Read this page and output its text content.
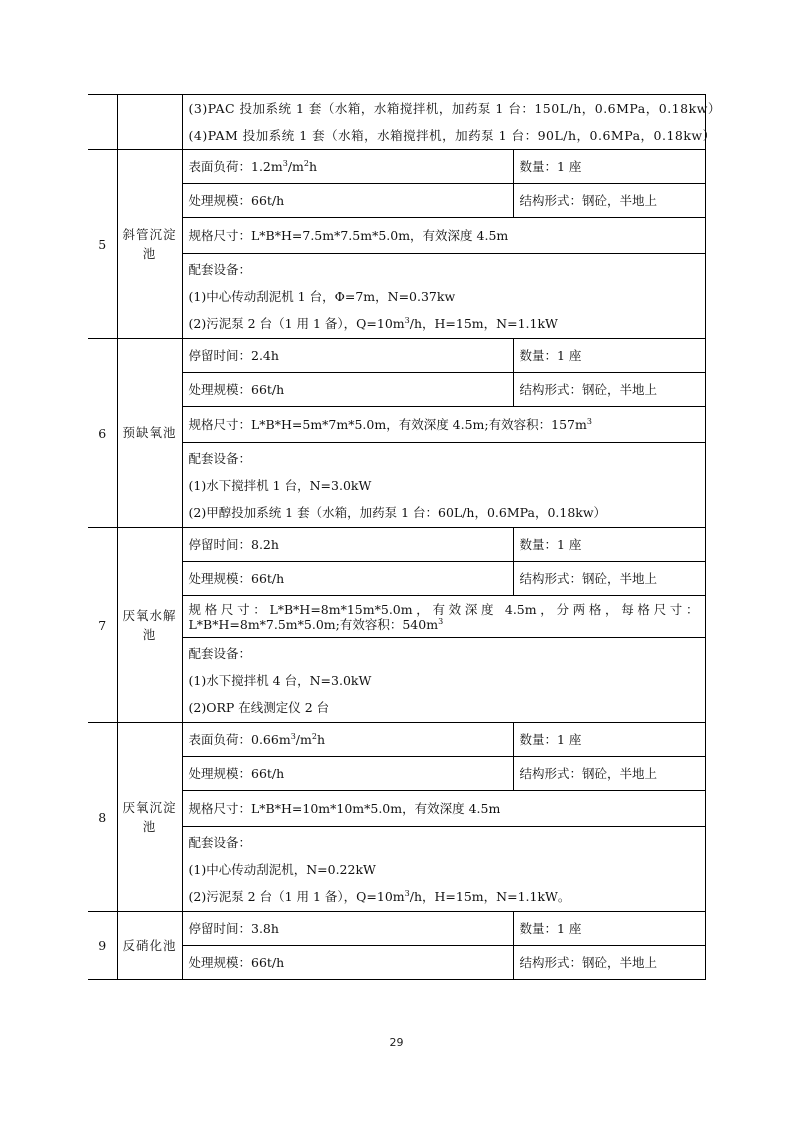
		(3)PAC 投加系统 1 套（水箱，水箱搅拌机，加药泵 1 台：150L/h，0.6MPa，0.18kw）
(4)PAM 投加系统 1 套（水箱，水箱搅拌机，加药泵 1 台：90L/h，0.6MPa，0.18kw）	

5	斜管沉淀池	表面负荷：$1.2m^3/m^2h$	数量：1 座
		处理规模：66t/h	结构形式：钢砼，半地上
		规格尺寸：L*B*H=7.5m*7.5m*5.0m，有效深度 4.5m	

		配套设备：
(1)中心传动刮泥机 1 台，Φ=7m，N=0.37kw
(2)污泥泵 2 台（1 用 1 备），$Q=10m^3/h$，H=15m，N=1.1kW	

6	预缺氧池	停留时间：2.4h	数量：1 座
		处理规模：66t/h	结构形式：钢砼，半地上
		规格尺寸：L*B*H=5m*7m*5.0m，有效深度 4.5m;有效容积：$157m^3$

		配套设备：
(1)水下搅拌机 1 台，N=3.0kW
(2)甲醇投加系统 1 套（水箱，加药泵 1 台：60L/h，0.6MPa，0.18kw）	

7	厌氧水解池	停留时间：8.2h	数量：1 座
		处理规模：66t/h	结构形式：钢砼，半地上

		规格尺寸：L*B*H=8m*15m*5.0m，有效深度 4.5m，分两格，每格尺寸：
L*B*H=8m*7.5m*5.0m;有效容积：$540m^3$

		配套设备：
(1)水下搅拌机 4 台，N=3.0kW
(2)ORP 在线测定仪 2 台	

8	厌氧沉淀池	表面负荷：$0.66m^3/m^2h$	数量：1 座
		处理规模：66t/h	结构形式：钢砼，半地上
		规格尺寸：L*B*H=10m*10m*5.0m，有效深度 4.5m	

		配套设备：
(1)中心传动刮泥机，N=0.22kW
(2)污泥泵 2 台（1 用 1 备），$Q=10m^3/h$，H=15m，N=1.1kW。	

9	反硝化池	停留时间：3.8h	数量：1 座
		处理规模：66t/h	结构形式：钢砼，半地上
29
